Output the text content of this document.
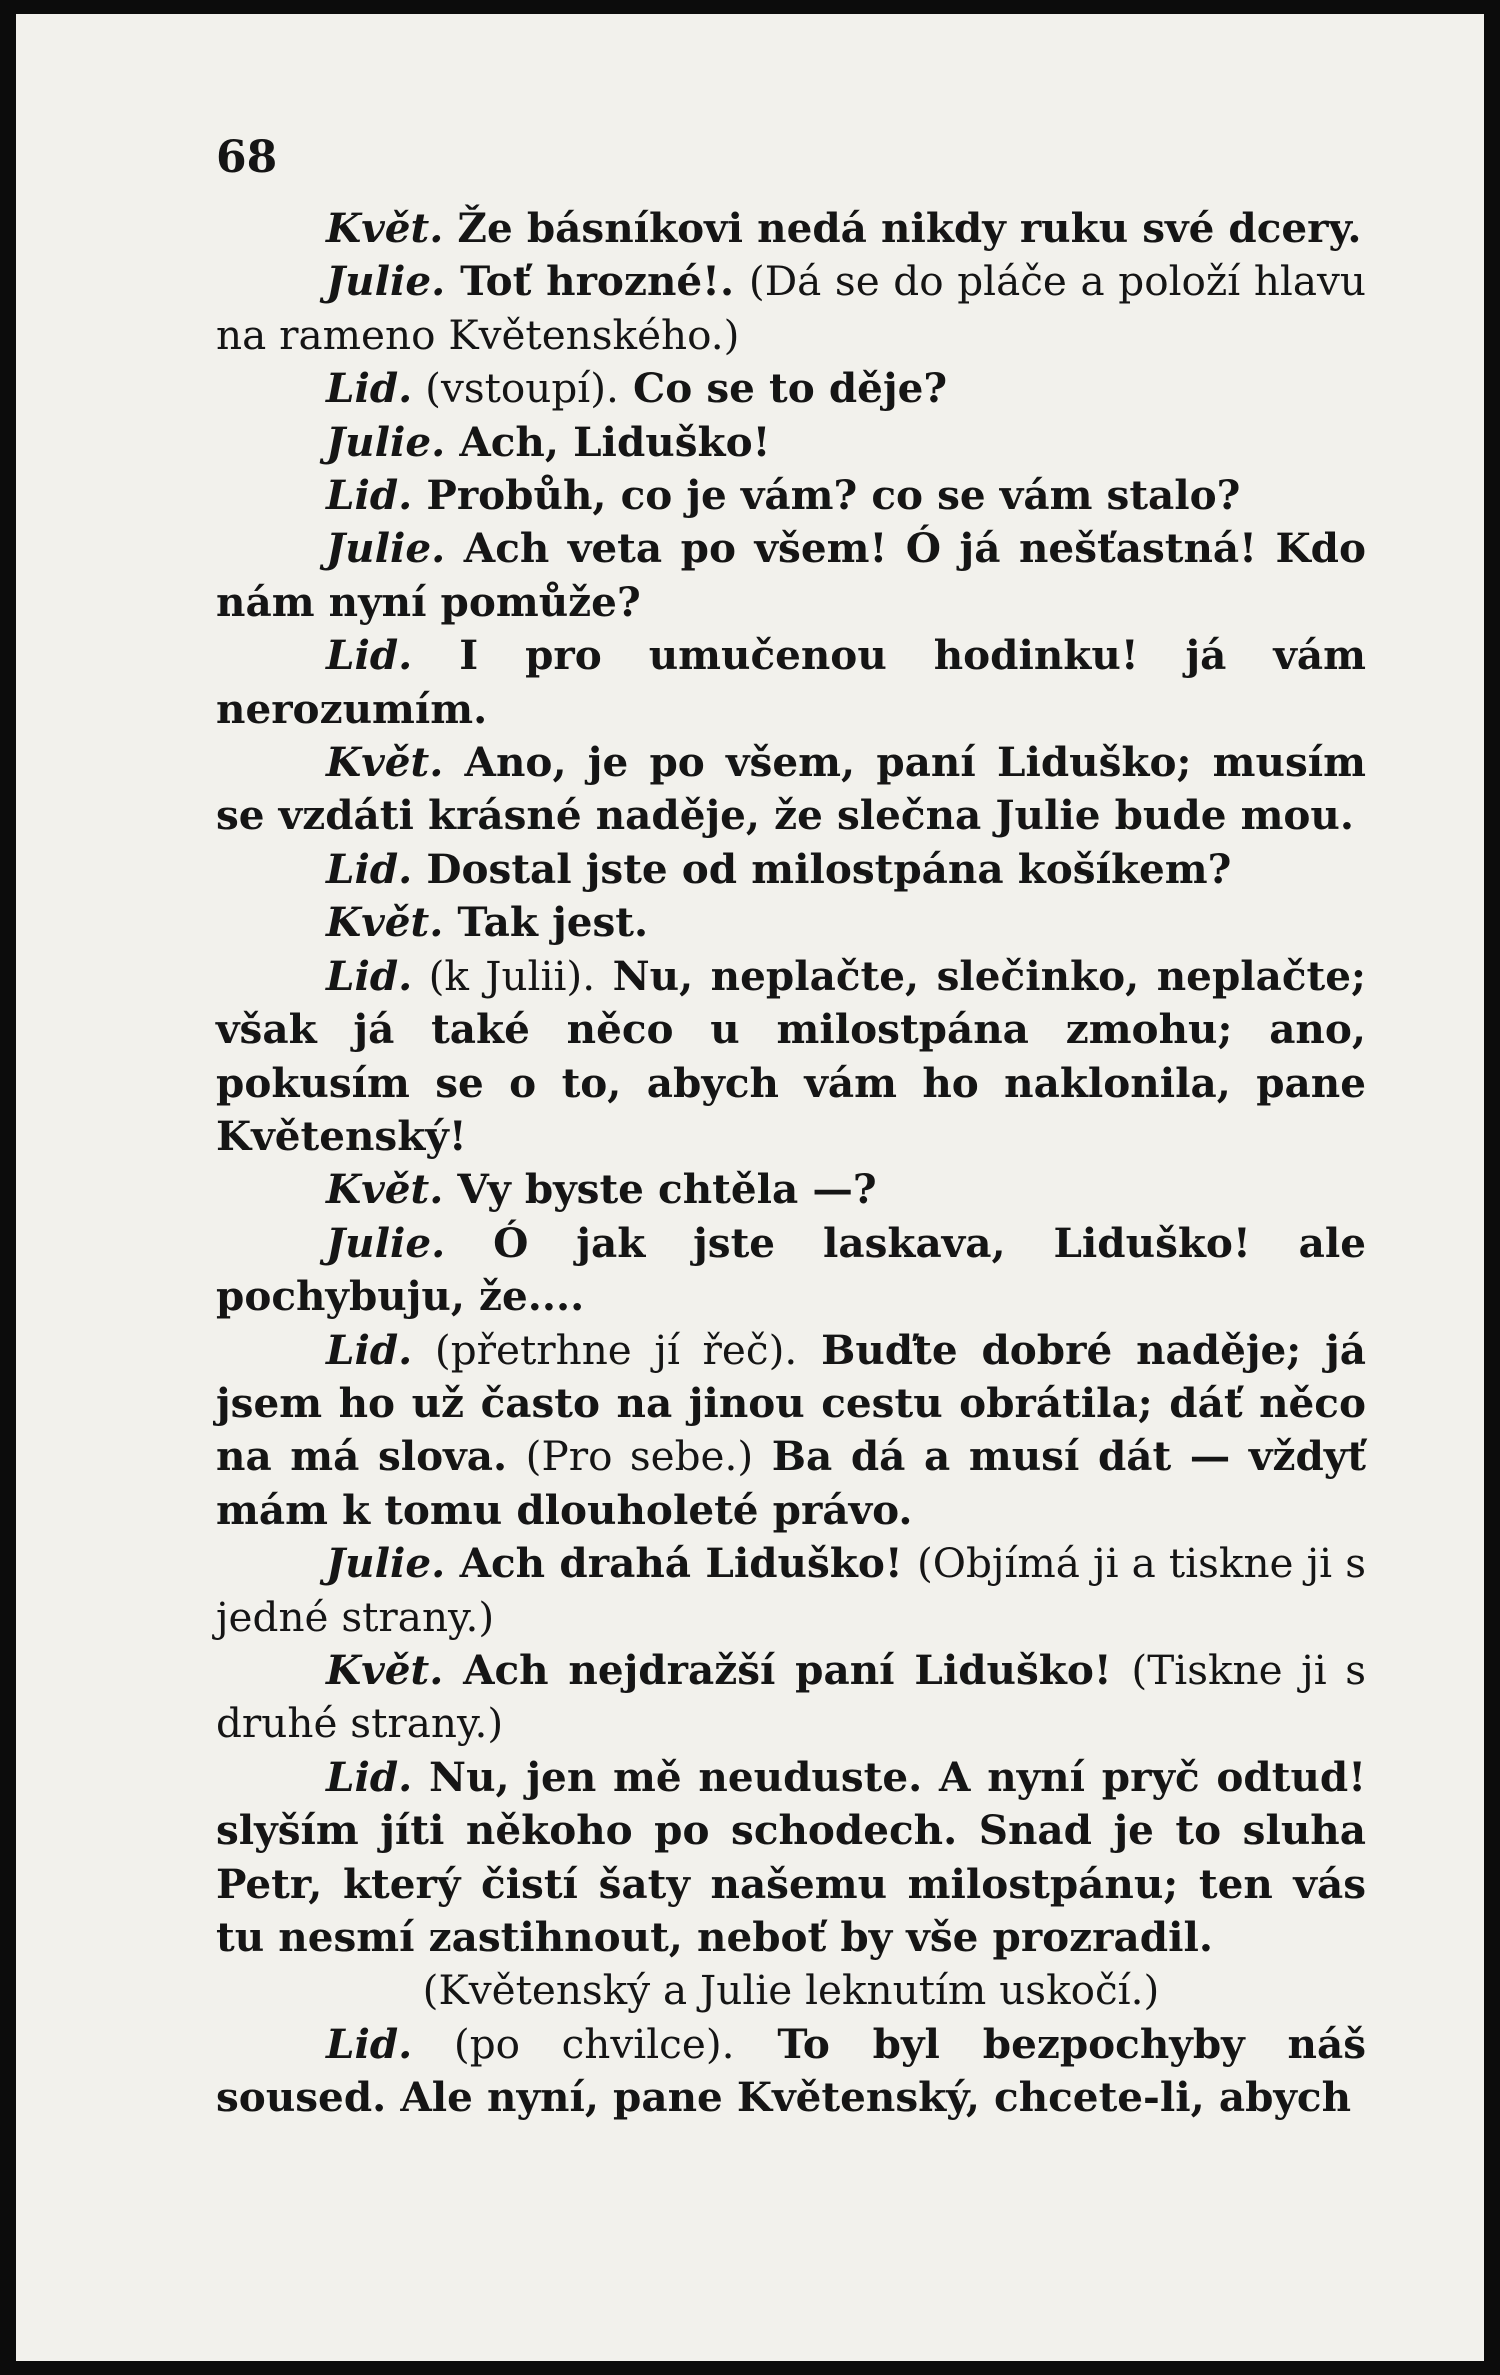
68

Květ. Že básníkovi nedá nikdy ruku své dcery.

Julie. Toť hrozné!. (Dá se do pláče a položí hlavu na rameno Květenského.)

Lid. (vstoupí). Co se to děje?

Julie. Ach, Liduško!

Lid. Probůh, co je vám? co se vám stalo?

Julie. Ach veta po všem! Ó já nešťastná! Kdo nám nyní pomůže?

Lid. I pro umučenou hodinku! já vám nerozumím.

Květ. Ano, je po všem, paní Liduško; musím se vzdáti krásné naděje, že slečna Julie bude mou.

Lid. Dostal jste od milostpána košíkem?

Květ. Tak jest.

Lid. (k Julii). Nu, neplačte, slečinko, neplačte; však já také něco u milostpána zmohu; ano, pokusím se o to, abych vám ho naklonila, pane Květenský!

Květ. Vy byste chtěla —?

Julie. Ó jak jste laskava, Liduško! ale pochybuju, že....

Lid. (přetrhne jí řeč). Buďte dobré naděje; já jsem ho už často na jinou cestu obrátila; dáť něco na má slova. (Pro sebe.) Ba dá a musí dát — vždyť mám k tomu dlouholeté právo.

Julie. Ach drahá Liduško! (Objímá ji a tiskne ji s jedné strany.)

Květ. Ach nejdražší paní Liduško! (Tiskne ji s druhé strany.)

Lid. Nu, jen mě neuduste. A nyní pryč odtud! slyším jíti někoho po schodech. Snad je to sluha Petr, který čistí šaty našemu milostpánu; ten vás tu nesmí zastihnout, neboť by vše prozradil.

(Květenský a Julie leknutím uskočí.)

Lid. (po chvilce). To byl bezpochyby náš soused. Ale nyní, pane Květenský, chcete-li, abych
